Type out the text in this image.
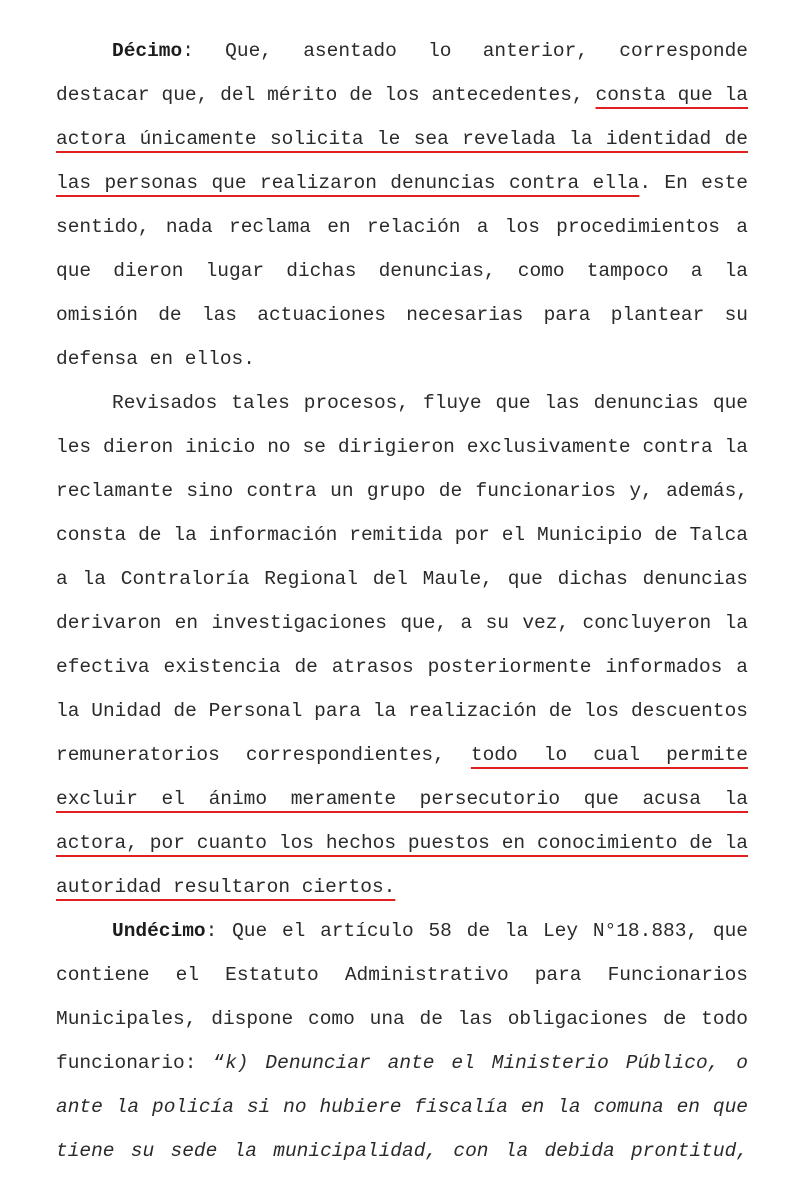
Décimo: Que, asentado lo anterior, corresponde
destacar que, del mérito de los antecedentes, consta que la
actora únicamente solicita le sea revelada la identidad de
las personas que realizaron denuncias contra ella. En este
sentido, nada reclama en relación a los procedimientos a
que dieron lugar dichas denuncias, como tampoco a la
omisión de las actuaciones necesarias para plantear su
defensa en ellos.
Revisados tales procesos, fluye que las denuncias que
les dieron inicio no se dirigieron exclusivamente contra la
reclamante sino contra un grupo de funcionarios y, además,
consta de la información remitida por el Municipio de Talca
a la Contraloría Regional del Maule, que dichas denuncias
derivaron en investigaciones que, a su vez, concluyeron la
efectiva existencia de atrasos posteriormente informados a
la Unidad de Personal para la realización de los descuentos
remuneratorios correspondientes, todo lo cual permite
excluir el ánimo meramente persecutorio que acusa la
actora, por cuanto los hechos puestos en conocimiento de la
autoridad resultaron ciertos.
Undécimo: Que el artículo 58 de la Ley N°18.883, que
contiene el Estatuto Administrativo para Funcionarios
Municipales, dispone como una de las obligaciones de todo
funcionario: “k) Denunciar ante el Ministerio Público, o
ante la policía si no hubiere fiscalía en la comuna en que
tiene su sede la municipalidad, con la debida prontitud,
